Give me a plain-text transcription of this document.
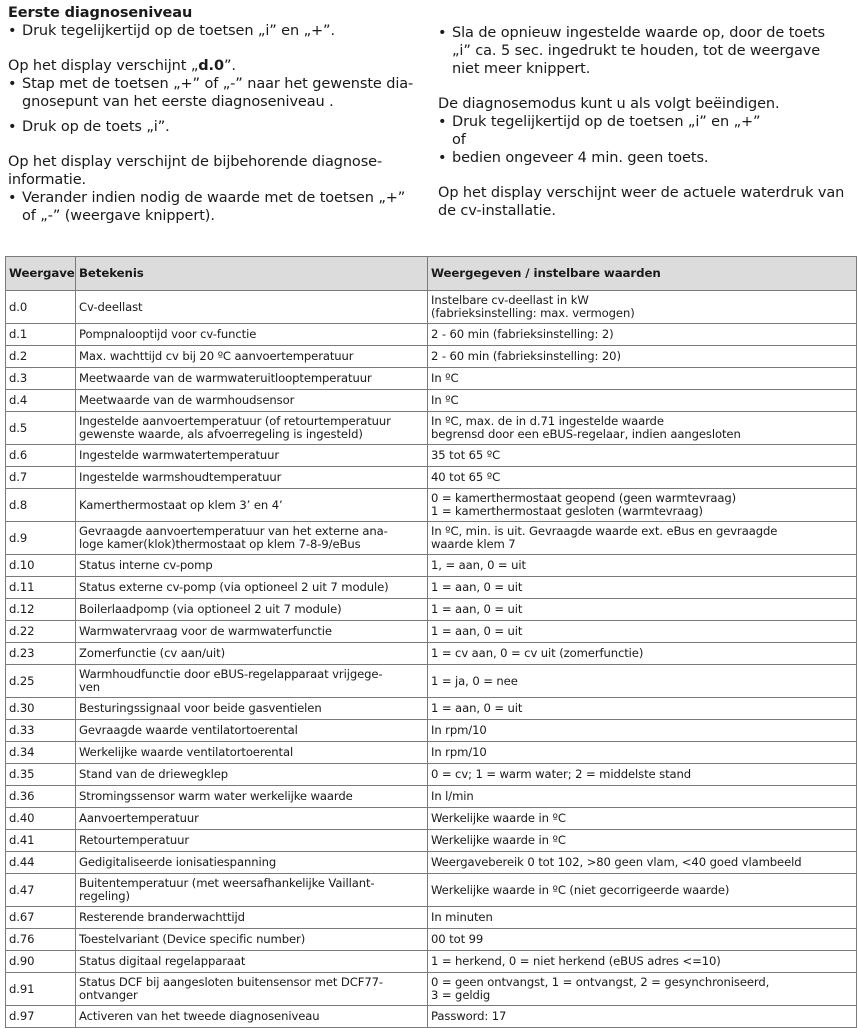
Eerste diagnoseniveau

• Druk tegelijkertijd op de toetsen „i” en „+”.

Op het display verschijnt „d.0”.

• Stap met de toetsen „+” of „-” naar het gewenste dia-
gnosepunt van het eerste diagnoseniveau .
• Druk op de toets „i”.

Op het display verschijnt de bijbehorende diagnose-
informatie.

• Verander indien nodig de waarde met de toetsen „+”
of „-” (weergave knippert).
• Sla de opnieuw ingestelde waarde op, door de toets
„i” ca. 5 sec. ingedrukt te houden, tot de weergave
niet meer knippert.

De diagnosemodus kunt u als volgt beëindigen.

• Druk tegelijkertijd op de toetsen „i” en „+”

of

• bedien ongeveer 4 min. geen toets.

Op het display verschijnt weer de actuele waterdruk van
de cv-installatie.

Weergave	Betekenis	Weergegeven / instelbare waarden
d.0	Cv-deellast	Instelbare cv-deellast in kW
(fabrieksinstelling: max. vermogen)

d.1	Pompnalooptijd voor cv-functie	2 - 60 min (fabrieksinstelling: 2)

d.2	Max. wachttijd cv bij 20 ºC aanvoertemperatuur	2 - 60 min (fabrieksinstelling: 20)

d.3	Meetwaarde van de warmwateruitlooptemperatuur	In ºC

d.4	Meetwaarde van de warmhoudsensor	In ºC

d.5	Ingestelde aanvoertemperatuur (of retourtemperatuur
gewenste waarde, als afvoerregeling is ingesteld)	In ºC, max. de in d.71 ingestelde waarde
begrensd door een eBUS-regelaar, indien aangesloten

d.6	Ingestelde warmwatertemperatuur	35 tot 65 ºC

d.7	Ingestelde warmshoudtemperatuur	40 tot 65 ºC

d.8	Kamerthermostaat op klem 3’ en 4’	0 = kamerthermostaat geopend (geen warmtevraag)
1 = kamerthermostaat gesloten (warmtevraag)

d.9	Gevraagde aanvoertemperatuur van het externe ana-
loge kamer(klok)thermostaat op klem 7-8-9/eBus	In ºC, min. is uit. Gevraagde waarde ext. eBus en gevraagde
waarde klem 7

d.10	Status interne cv-pomp	1, = aan, 0 = uit

d.11	Status externe cv-pomp (via optioneel 2 uit 7 module)	1 = aan, 0 = uit

d.12	Boilerlaadpomp (via optioneel 2 uit 7 module)	1 = aan, 0 = uit

d.22	Warmwatervraag voor de warmwaterfunctie	1 = aan, 0 = uit

d.23	Zomerfunctie (cv aan/uit)	1 = cv aan, 0 = cv uit (zomerfunctie)

d.25	Warmhoudfunctie door eBUS-regelapparaat vrijgege-
ven	1 = ja, 0 = nee

d.30	Besturingssignaal voor beide gasventielen	1 = aan, 0 = uit

d.33	Gevraagde waarde ventilatortoerental	In rpm/10

d.34	Werkelijke waarde ventilatortoerental	In rpm/10

d.35	Stand van de driewegklep	0 = cv; 1 = warm water; 2 = middelste stand

d.36	Stromingssensor warm water werkelijke waarde	In l/min

d.40	Aanvoertemperatuur	Werkelijke waarde in ºC

d.41	Retourtemperatuur	Werkelijke waarde in ºC

d.44	Gedigitaliseerde ionisatiespanning	Weergavebereik 0 tot 102, >80 geen vlam, <40 goed vlambeeld

d.47	Buitentemperatuur (met weersafhankelijke Vaillant-
regeling)	Werkelijke waarde in ºC (niet gecorrigeerde waarde)

d.67	Resterende branderwachttijd	In minuten

d.76	Toestelvariant (Device specific number)	00 tot 99

d.90	Status digitaal regelapparaat	1 = herkend, 0 = niet herkend (eBUS adres <=10)

d.91	Status DCF bij aangesloten buitensensor met DCF77-
ontvanger	0 = geen ontvangst, 1 = ontvangst, 2 = gesynchroniseerd,
3 = geldig

d.97	Activeren van het tweede diagnoseniveau	Password: 17
